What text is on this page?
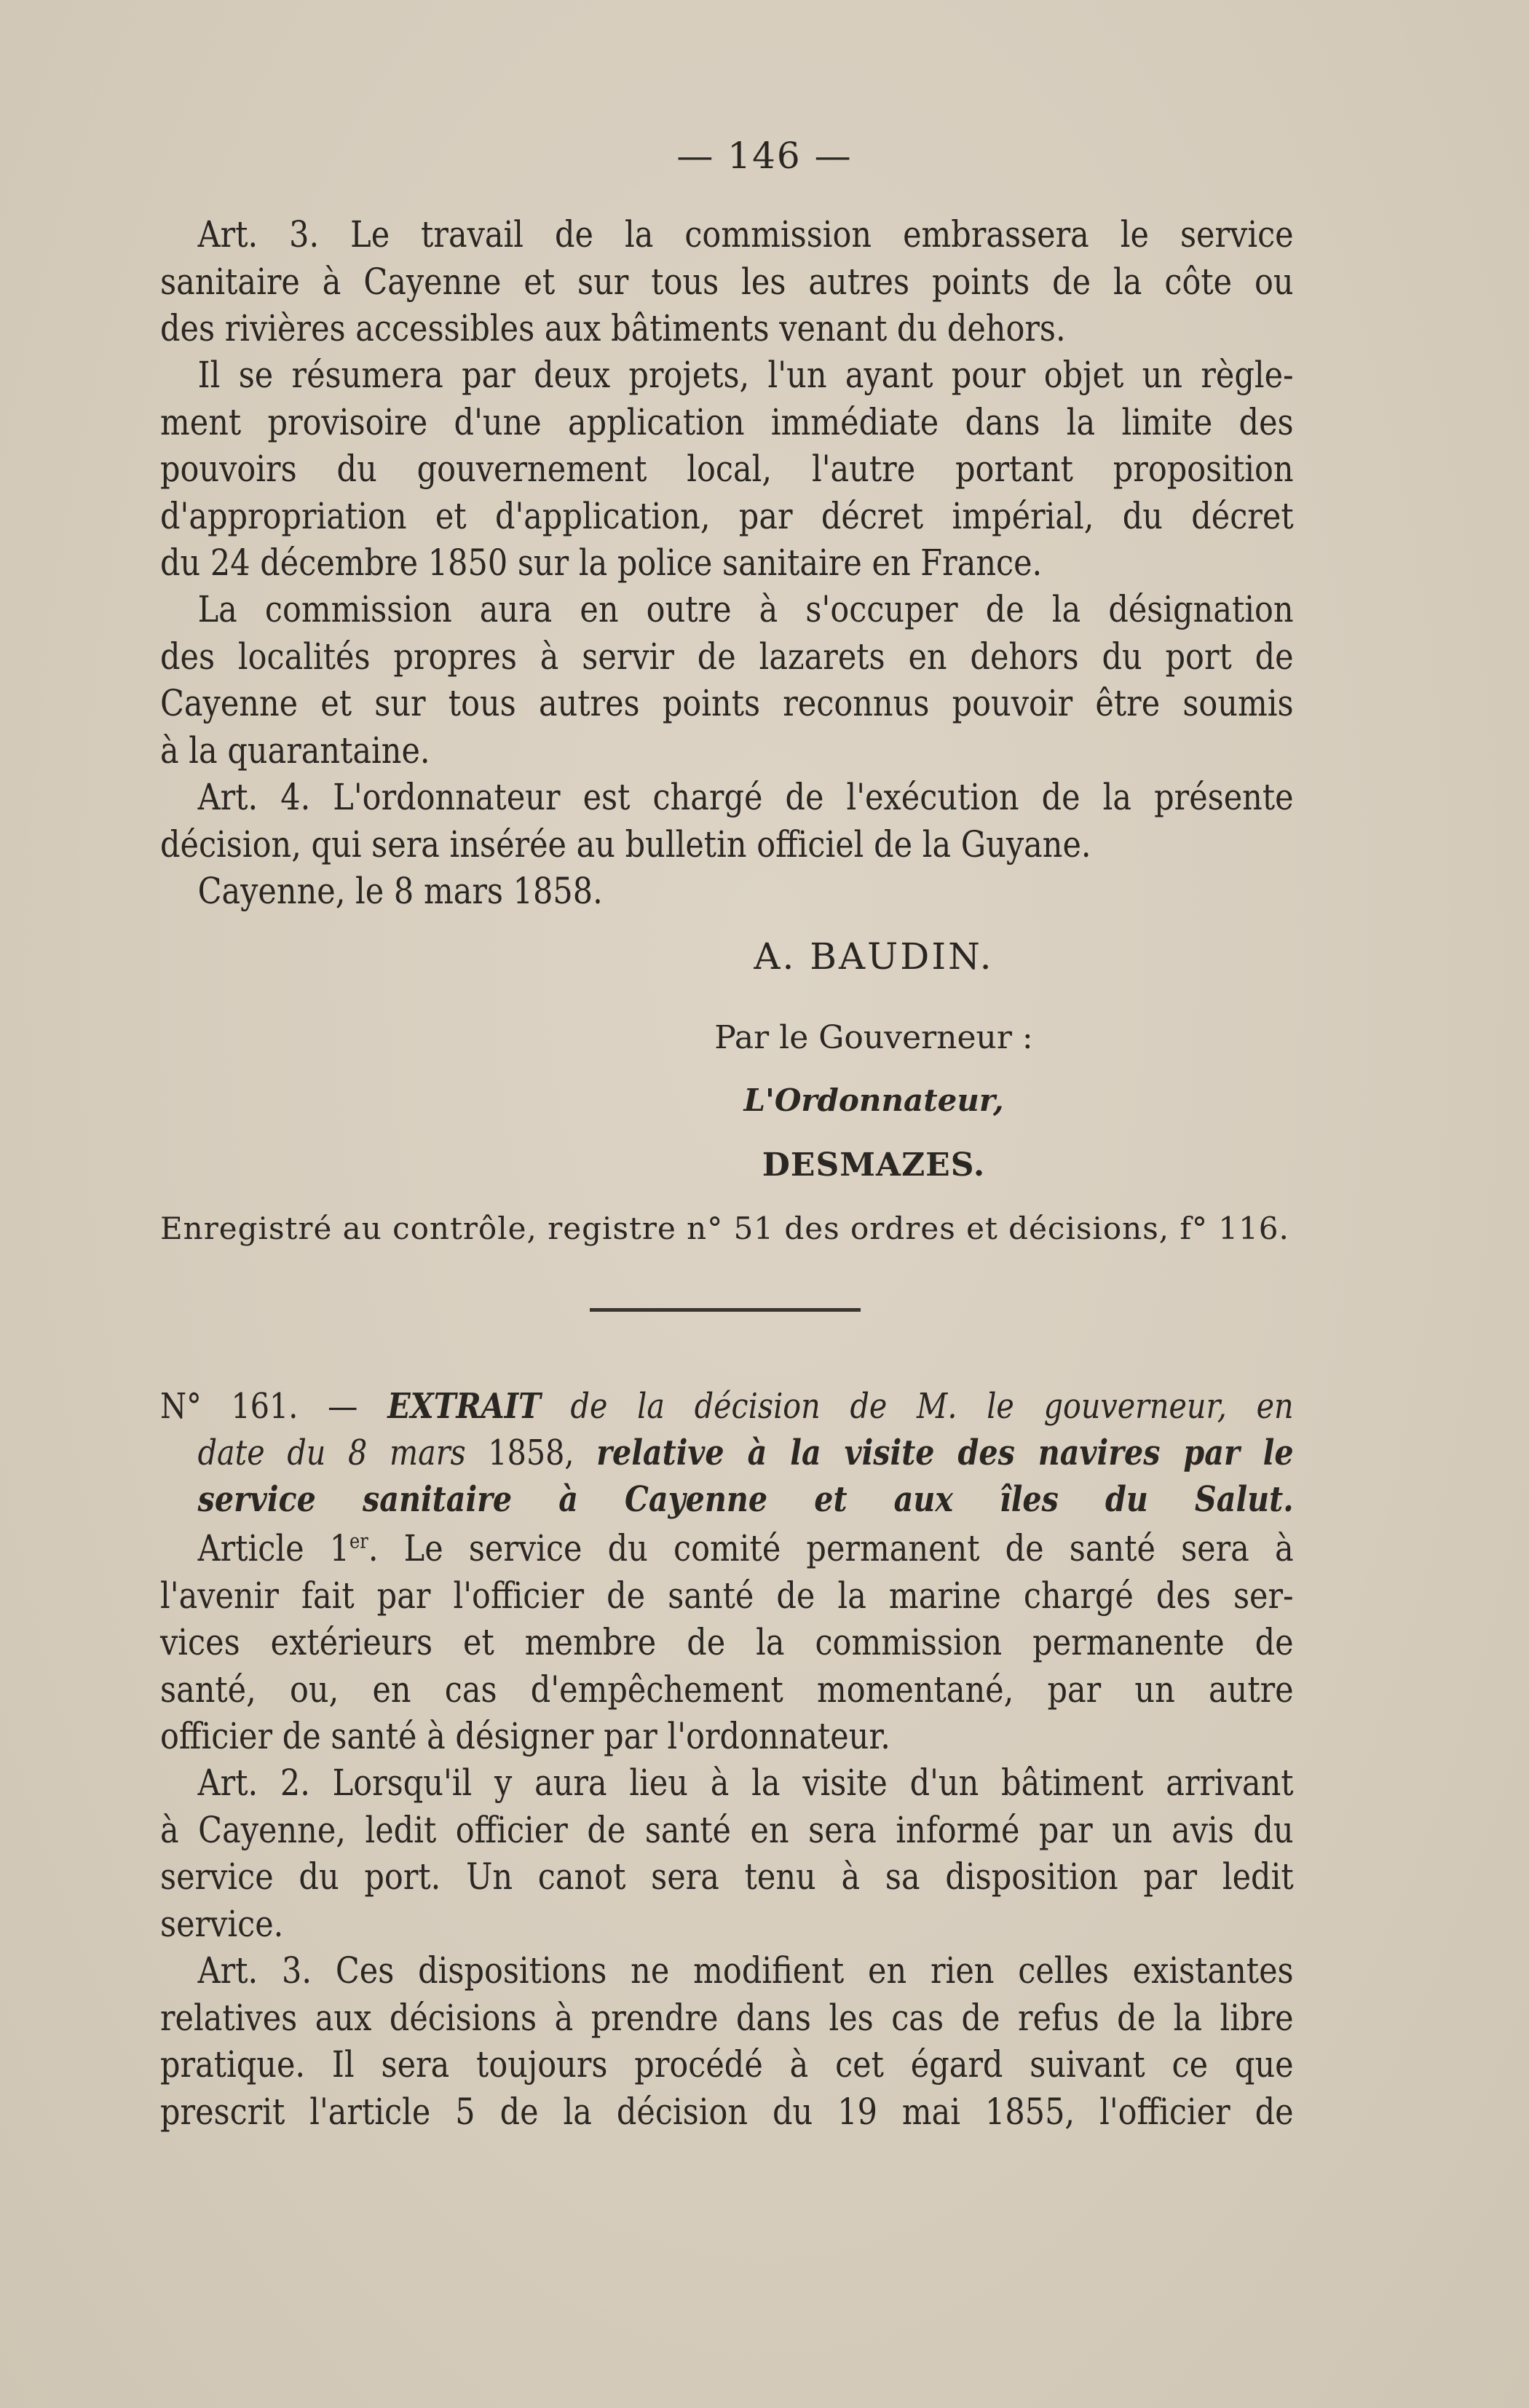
— 146 —
Art. 3. Le travail de la commission embrassera le service
sanitaire à Cayenne et sur tous les autres points de la côte ou
des rivières accessibles aux bâtiments venant du dehors.
Il se résumera par deux projets, l'un ayant pour objet un règle-
ment provisoire d'une application immédiate dans la limite des
pouvoirs du gouvernement local, l'autre portant proposition
d'appropriation et d'application, par décret impérial, du décret
du 24 décembre 1850 sur la police sanitaire en France.
La commission aura en outre à s'occuper de la désignation
des localités propres à servir de lazarets en dehors du port de
Cayenne et sur tous autres points reconnus pouvoir être soumis
à la quarantaine.
Art. 4. L'ordonnateur est chargé de l'exécution de la présente
décision, qui sera insérée au bulletin officiel de la Guyane.
Cayenne, le 8 mars 1858.
A. BAUDIN.
Par le Gouverneur :
L'Ordonnateur,
DESMAZES.
Enregistré au contrôle, registre n° 51 des ordres et décisions, f° 116.
N° 161. — EXTRAIT de la décision de M. le gouverneur, en
date du 8 mars 1858, relative à la visite des navires par le
service sanitaire à Cayenne et aux îles du Salut.
Article 1er. Le service du comité permanent de santé sera à
l'avenir fait par l'officier de santé de la marine chargé des ser-
vices extérieurs et membre de la commission permanente de
santé, ou, en cas d'empêchement momentané, par un autre
officier de santé à désigner par l'ordonnateur.
Art. 2. Lorsqu'il y aura lieu à la visite d'un bâtiment arrivant
à Cayenne, ledit officier de santé en sera informé par un avis du
service du port. Un canot sera tenu à sa disposition par ledit
service.
Art. 3. Ces dispositions ne modifient en rien celles existantes
relatives aux décisions à prendre dans les cas de refus de la libre
pratique. Il sera toujours procédé à cet égard suivant ce que
prescrit l'article 5 de la décision du 19 mai 1855, l'officier de
